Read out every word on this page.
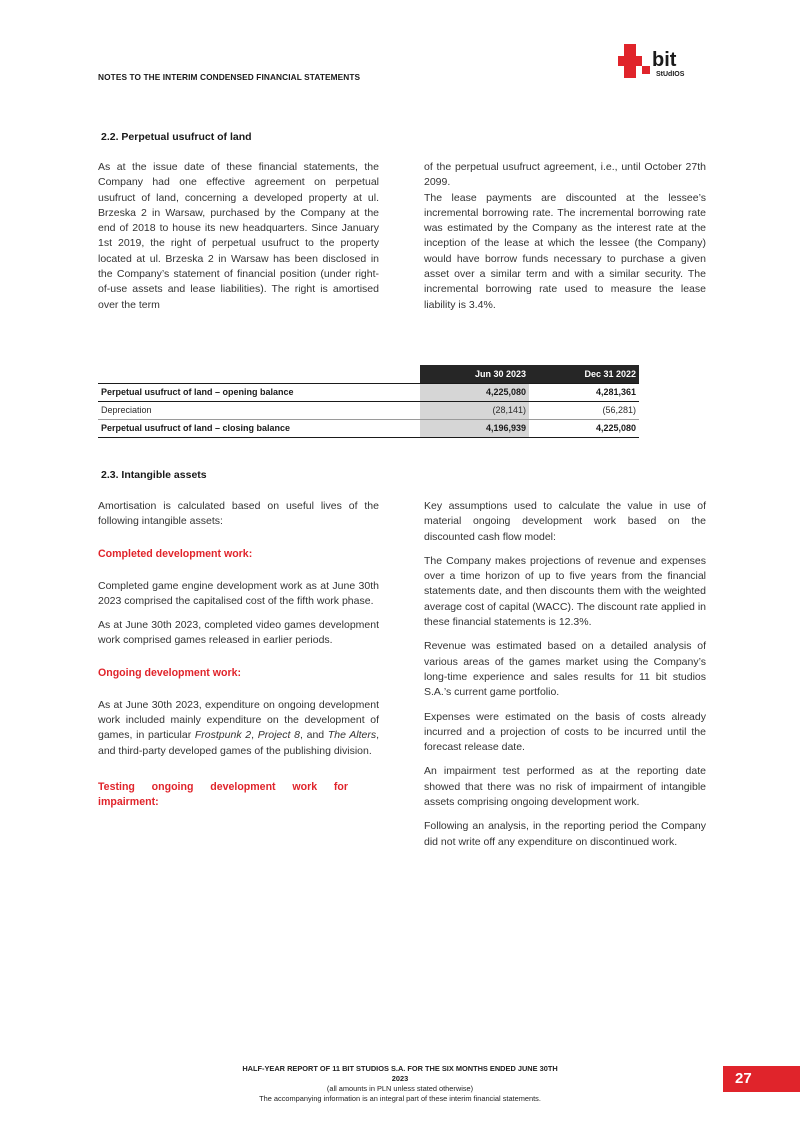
NOTES TO THE INTERIM CONDENSED FINANCIAL STATEMENTS
bit
StUdIOS
2.2. Perpetual usufruct of land

As at the issue date of these financial statements, the Company had one effective agreement on perpetual usufruct of land, concerning a developed property at ul. Brzeska 2 in Warsaw, purchased by the Company at the end of 2018 to house its new headquarters. Since January 1st 2019, the right of perpetual usufruct to the property located at ul. Brzeska 2 in Warsaw has been disclosed in the Company’s statement of financial position (under right-of-use assets and lease liabilities). The right is amortised over the term

of the perpetual usufruct agreement, i.e., until October 27th 2099.

The lease payments are discounted at the lessee’s incremental borrowing rate. The incremental borrowing rate was estimated by the Company as the interest rate at the inception of the lease at which the lessee (the Company) would have borrow funds necessary to purchase a given asset over a similar term and with a similar security. The incremental borrowing rate used to measure the lease liability is 3.4%.

	Jun 30 2023	Dec 31 2022
Perpetual usufruct of land – opening balance	4,225,080	4,281,361
Depreciation	(28,141)	(56,281)
Perpetual usufruct of land – closing balance	4,196,939	4,225,080
2.3. Intangible assets

Amortisation is calculated based on useful lives of the following intangible assets:

Completed development work:

Completed game engine development work as at June 30th 2023 comprised the capitalised cost of the fifth work phase.

As at June 30th 2023, completed video games development work comprised games released in earlier periods.

Ongoing development work:

As at June 30th 2023, expenditure on ongoing development work included mainly expenditure on the development of games, in particular Frostpunk 2, Project 8, and The Alters, and third-party developed games of the publishing division.

Testing ongoing development work for impairment:

Key assumptions used to calculate the value in use of material ongoing development work based on the discounted cash flow model:

The Company makes projections of revenue and expenses over a time horizon of up to five years from the financial statements date, and then discounts them with the weighted average cost of capital (WACC). The discount rate applied in these financial statements is 12.3%.

Revenue was estimated based on a detailed analysis of various areas of the games market using the Company’s long-time experience and sales results for 11 bit studios S.A.’s current game portfolio.

Expenses were estimated on the basis of costs already incurred and a projection of costs to be incurred until the forecast release date.

An impairment test performed as at the reporting date showed that there was no risk of impairment of intangible assets comprising ongoing development work.

Following an analysis, in the reporting period the Company did not write off any expenditure on discontinued work.

HALF-YEAR REPORT OF 11 BIT STUDIOS S.A. FOR THE SIX MONTHS ENDED JUNE 30TH
2023
(all amounts in PLN unless stated otherwise)
The accompanying information is an integral part of these interim financial statements.
27
